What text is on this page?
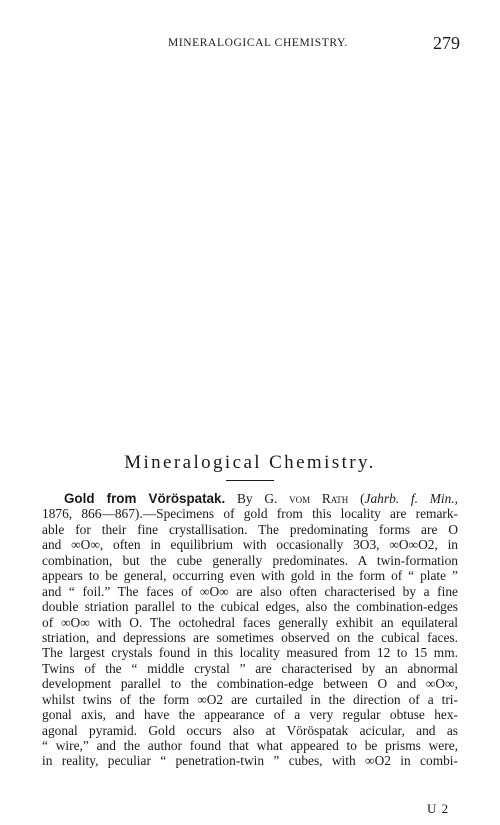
MINERALOGICAL CHEMISTRY.	279
Mineralogical Chemistry.
Gold from Vöröspatak. By G. vom Rath (Jahrb. f. Min.,
1876, 866—867).—Specimens of gold from this locality are remark-
able for their fine crystallisation. The predominating forms are O
and ∞O∞, often in equilibrium with occasionally 3O3, ∞O∞O2, in
combination, but the cube generally predominates. A twin-formation
appears to be general, occurring even with gold in the form of “ plate ”
and “ foil.” The faces of ∞O∞ are also often characterised by a fine
double striation parallel to the cubical edges, also the combination-edges
of ∞O∞ with O. The octohedral faces generally exhibit an equilateral
striation, and depressions are sometimes observed on the cubical faces.
The largest crystals found in this locality measured from 12 to 15 mm.
Twins of the “ middle crystal ” are characterised by an abnormal
development parallel to the combination-edge between O and ∞O∞,
whilst twins of the form ∞O2 are curtailed in the direction of a tri-
gonal axis, and have the appearance of a very regular obtuse hex-
agonal pyramid. Gold occurs also at Vöröspatak acicular, and as
“ wire,” and the author found that what appeared to be prisms were,
in reality, peculiar “ penetration-twin ” cubes, with ∞O2 in combi-
U 2
